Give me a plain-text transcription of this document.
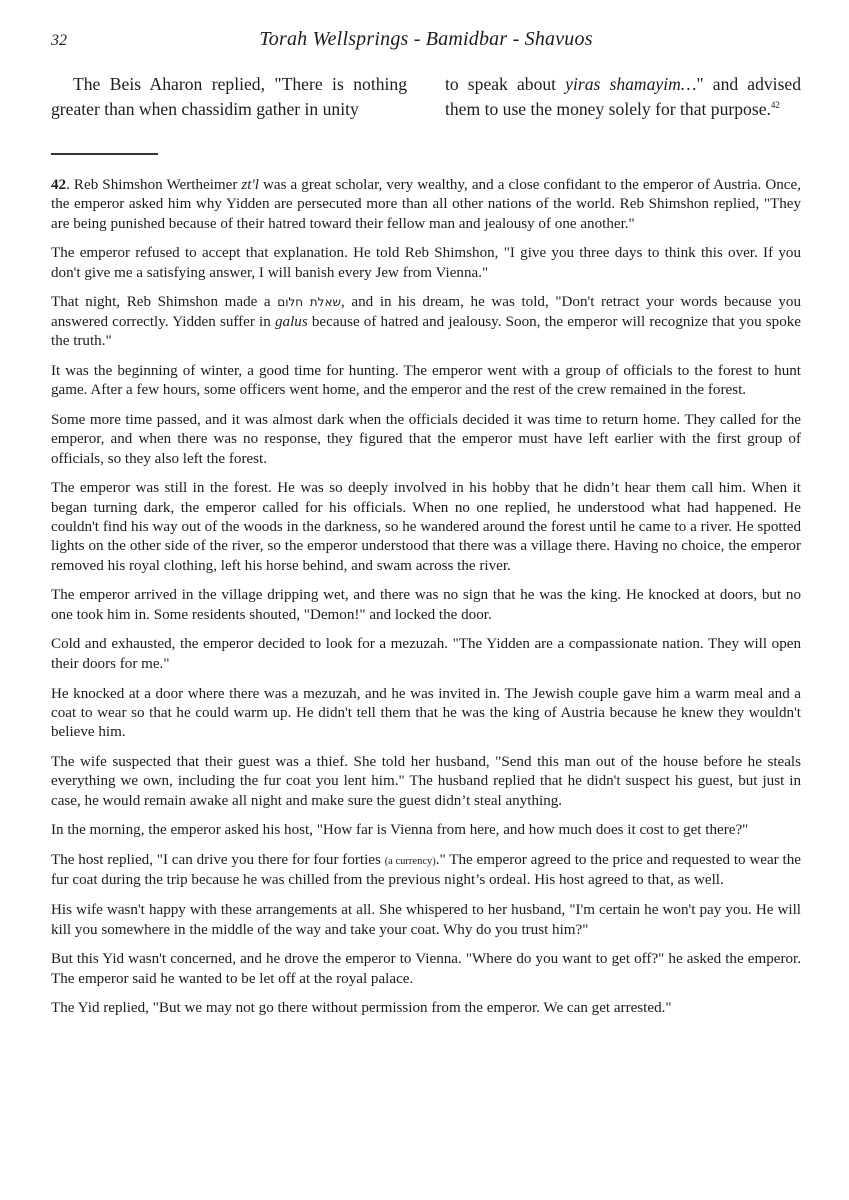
32	Torah Wellsprings - Bamidbar - Shavuos

The Beis Aharon replied, "There is nothing greater than when chassidim gather in unity

to speak about yiras shamayim…" and advised them to use the money solely for that purpose.$^{42}$

42. Reb Shimshon Wertheimer zt'l was a great scholar, very wealthy, and a close confidant to the emperor of Austria. Once, the emperor asked him why Yidden are persecuted more than all other nations of the world. Reb Shimshon replied, "They are being punished because of their hatred toward their fellow man and jealousy of one another."

The emperor refused to accept that explanation. He told Reb Shimshon, "I give you three days to think this over. If you don't give me a satisfying answer, I will banish every Jew from Vienna."

That night, Reb Shimshon made a שאלת חלום, and in his dream, he was told, "Don't retract your words because you answered correctly. Yidden suffer in galus because of hatred and jealousy. Soon, the emperor will recognize that you spoke the truth."

It was the beginning of winter, a good time for hunting. The emperor went with a group of officials to the forest to hunt game. After a few hours, some officers went home, and the emperor and the rest of the crew remained in the forest.

Some more time passed, and it was almost dark when the officials decided it was time to return home. They called for the emperor, and when there was no response, they figured that the emperor must have left earlier with the first group of officials, so they also left the forest.

The emperor was still in the forest. He was so deeply involved in his hobby that he didn’t hear them call him. When it began turning dark, the emperor called for his officials. When no one replied, he understood what had happened. He couldn't find his way out of the woods in the darkness, so he wandered around the forest until he came to a river. He spotted lights on the other side of the river, so the emperor understood that there was a village there. Having no choice, the emperor removed his royal clothing, left his horse behind, and swam across the river.

The emperor arrived in the village dripping wet, and there was no sign that he was the king. He knocked at doors, but no one took him in. Some residents shouted, "Demon!" and locked the door.

Cold and exhausted, the emperor decided to look for a mezuzah. "The Yidden are a compassionate nation. They will open their doors for me."

He knocked at a door where there was a mezuzah, and he was invited in. The Jewish couple gave him a warm meal and a coat to wear so that he could warm up. He didn't tell them that he was the king of Austria because he knew they wouldn't believe him.

The wife suspected that their guest was a thief. She told her husband, "Send this man out of the house before he steals everything we own, including the fur coat you lent him." The husband replied that he didn't suspect his guest, but just in case, he would remain awake all night and make sure the guest didn’t steal anything.

In the morning, the emperor asked his host, "How far is Vienna from here, and how much does it cost to get there?"

The host replied, "I can drive you there for four forties (a currency)." The emperor agreed to the price and requested to wear the fur coat during the trip because he was chilled from the previous night’s ordeal. His host agreed to that, as well.

His wife wasn't happy with these arrangements at all. She whispered to her husband, "I'm certain he won't pay you. He will kill you somewhere in the middle of the way and take your coat. Why do you trust him?"

But this Yid wasn't concerned, and he drove the emperor to Vienna. "Where do you want to get off?" he asked the emperor. The emperor said he wanted to be let off at the royal palace.

The Yid replied, "But we may not go there without permission from the emperor. We can get arrested."
